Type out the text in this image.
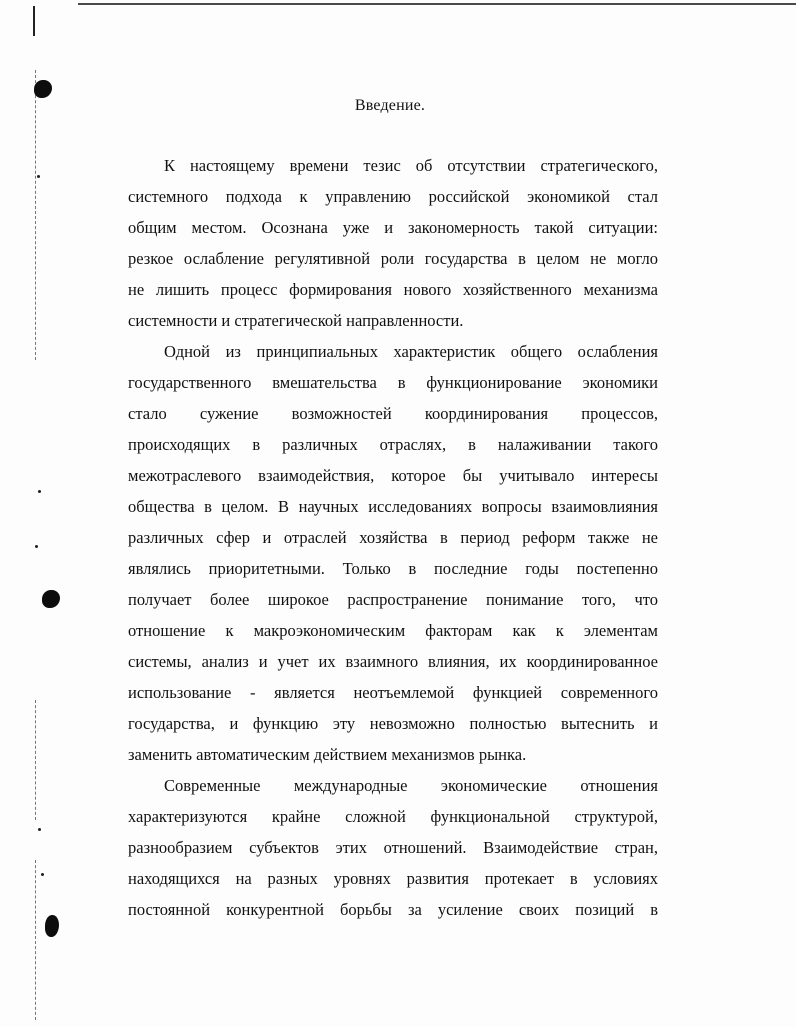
Введение.
К настоящему времени тезис об отсутствии стратегического,
системного подхода к управлению российской экономикой стал
общим местом. Осознана уже и закономерность такой ситуации:
резкое ослабление регулятивной роли государства в целом не могло
не лишить процесс формирования нового хозяйственного механизма
системности и стратегической направленности.
Одной из принципиальных характеристик общего ослабления
государственного вмешательства в функционирование экономики
стало сужение возможностей координирования процессов,
происходящих в различных отраслях, в налаживании такого
межотраслевого взаимодействия, которое бы учитывало интересы
общества в целом. В научных исследованиях вопросы взаимовлияния
различных сфер и отраслей хозяйства в период реформ также не
являлись приоритетными. Только в последние годы постепенно
получает более широкое распространение понимание того, что
отношение к макроэкономическим факторам как к элементам
системы, анализ и учет их взаимного влияния, их координированное
использование - является неотъемлемой функцией современного
государства, и функцию эту невозможно полностью вытеснить и
заменить автоматическим действием механизмов рынка.
Современные международные экономические отношения
характеризуются крайне сложной функциональной структурой,
разнообразием субъектов этих отношений. Взаимодействие стран,
находящихся на разных уровнях развития протекает в условиях
постоянной конкурентной борьбы за усиление своих позиций в
